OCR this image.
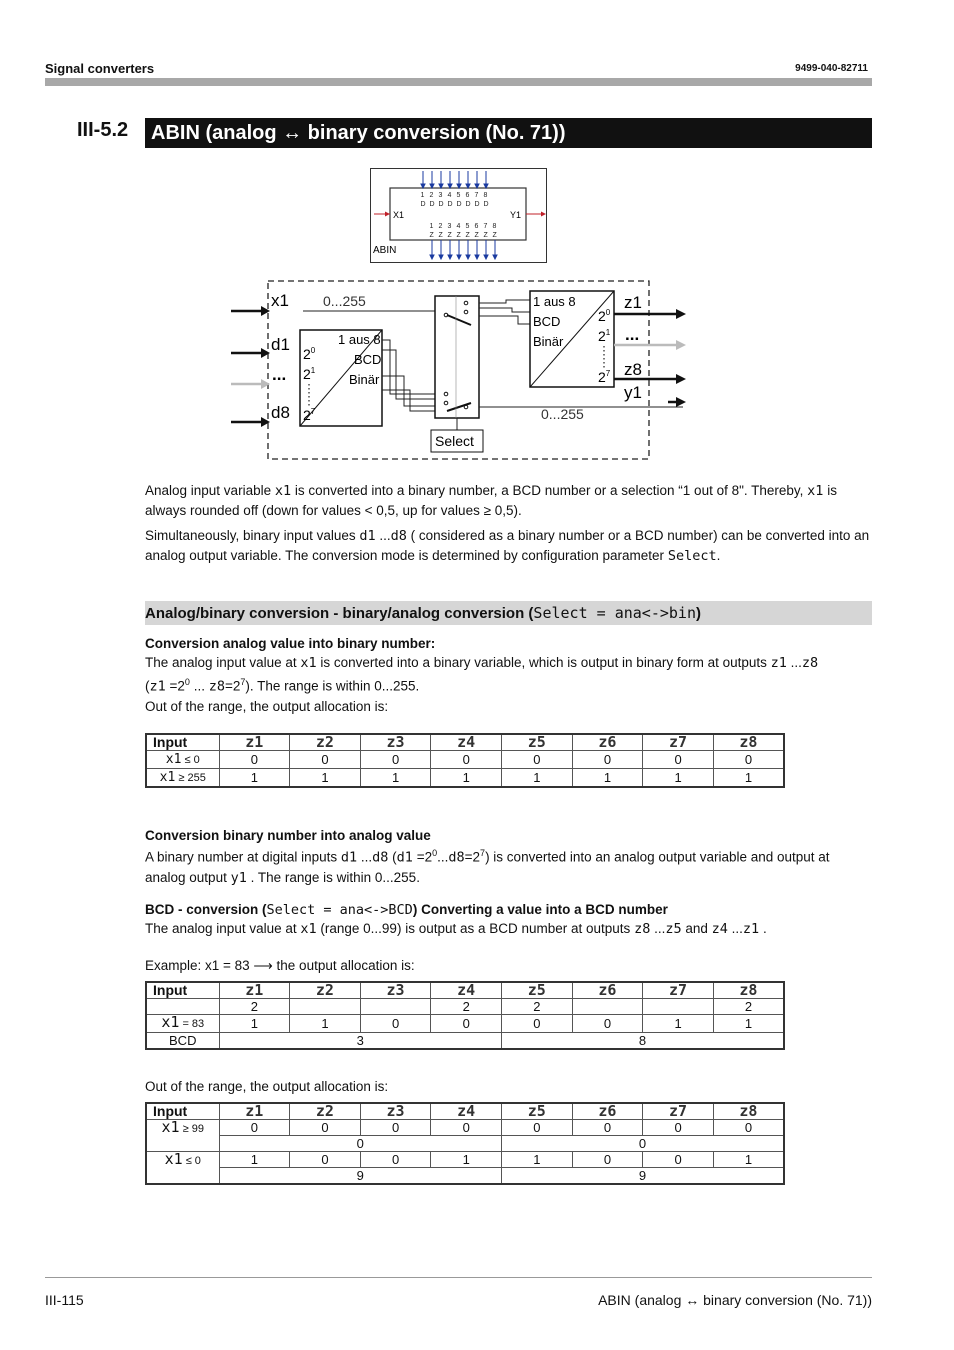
Signal converters	9499-040-82711
III-5.2	ABIN (analog ↔ binary conversion (No. 71))
X1	Y1
ABIN
1
D
2
D
3
D
4
D
5
D
6
D
7
D
8
D
1
Z
2
Z
3
Z
4
Z
5
Z
6
Z
7
Z
8
Z
x1
d1
...
d8
0...255
1 aus 8
BCD
Binär
$2^0$
$2^1$
$2^7$	0...255
1 aus 8
BCD
Binär
$2^0$
$2^1$
$2^7$
z1
...
z8
y1
Select
Analog input variable x1 is converted into a binary number, a BCD number or a selection “1 out of 8". Thereby, x1 is always rounded off (down for values < 0,5, up for values ≥ 0,5).
Simultaneously, binary input values d1 ...d8 ( considered as a binary number or a BCD number) can be converted into an analog output variable. The conversion mode is determined by configuration parameter Select.
Analog/binary conversion - binary/analog conversion (Select = ana<->bin)
Conversion analog value into binary number:
The analog input value at x1 is converted into a binary variable, which is output in binary form at outputs z1 ...z8
($z1 =2^0$ ... $z8=2^7$). The range is within 0...255.
Out of the range, the output allocation is:
Input	z1	z2	z3	z4	z5	z6	z7	z8
x1 ≤ 0	0	0	0	0	0	0	0	0
x1 ≥ 255	1	1	1	1	1	1	1	1
Conversion binary number into analog value
A binary number at digital inputs d1 ...d8 $(d1 =2^0...d8=2^7)$ is converted into an analog output variable and output at analog output y1 . The range is within 0...255.
BCD - conversion (Select = ana<->BCD) Converting a value into a BCD number
The analog input value at x1 (range 0...99) is output as a BCD number at outputs z8 ...z5 and z4 ...z1 .
Example: x1 = 83 ⟶ the output allocation is:
Input	z1	z2	z3	z4	z5	z6	z7	z8
	2			2	2			2
x1 = 83	1	1	0	0	0	0	1	1
BCD	3				8			
Out of the range, the output allocation is:
Input	z1	z2	z3	z4	z5	z6	z7	z8
x1 ≥ 99	0	0	0	0	0	0	0	0
	0				0			
x1 ≤ 0	1	0	0	1	1	0	0	1
	9				9			
III-115	ABIN (analog ↔ binary conversion (No. 71))
